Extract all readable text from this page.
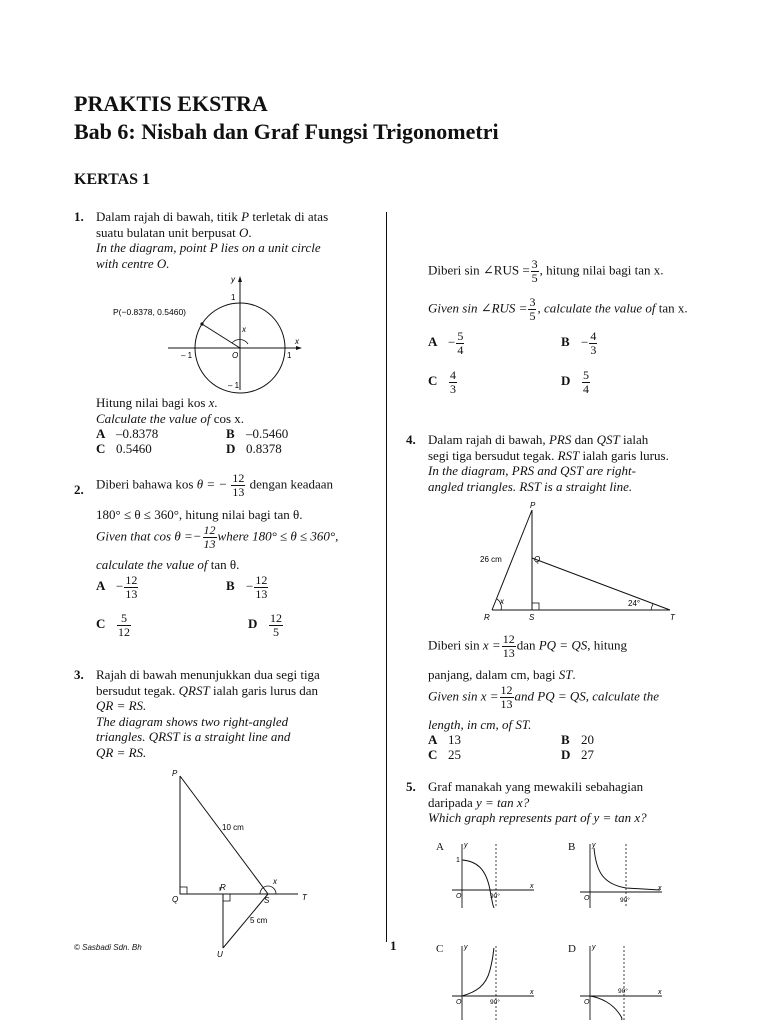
PRAKTIS EKSTRA
Bab 6: Nisbah dan Graf Fungsi Trigonometri
KERTAS 1
1. Dalam rajah di bawah, titik P terletak di atas
suatu bulatan unit berpusat O.
In the diagram, point P lies on a unit circle
with centre O.
P(−0.8378, 0.5460)
y
x
1
1
– 1	O
– 1
x
Hitung nilai bagi kos x.
Calculate the value of cos x.
A –0.8378	B –0.5460
C 0.5460	D 0.8378
2. Diberi bahawa kos θ = − $\frac{12}{13}$ dengan keadaan
180° ≤ θ ≤ 360°, hitung nilai bagi tan θ.
Given that $\cos \theta =- \frac{12}{13}$ where 180° ≤ θ ≤ 360°,
calculate the value of tan θ.
$A - \frac{12}{13}$	$B - \frac{12}{13}$
C $\frac{5}{12}$	D $\frac{12}{5}$
3. Rajah di bawah menunjukkan dua segi tiga
bersudut tegak. QRST ialah garis lurus dan
QR = RS.
The diagram shows two right-angled
triangles. QRST is a straight line and
QR = RS.
P
Q
R
S	T
U
x
10 cm
5 cm
Diberi sin ∠RUS = $\frac{3}{5}$ , hitung nilai bagi tan x.
Given sin ∠RUS = $\frac{3}{5}$ , calculate the value of tan x.
$A - \frac{5}{4}$	$B - \frac{4}{3}$
C $\frac{4}{3}$	D $\frac{5}{4}$
4. Dalam rajah di bawah, PRS dan QST ialah
segi tiga bersudut tegak. RST ialah garis lurus.
In the diagram, PRS and QST are right-
angled triangles. RST is a straight line.
P
Q
R	S	T
x
26 cm
24°
Diberi $\sin x = \frac{12}{13}$ dan PQ = QS, hitung
panjang, dalam cm, bagi ST.
Given $\sin x = \frac{12}{13}$ and PQ = QS, calculate the
length, in cm, of ST.
A 13	B 20
C 25	D 27
5. Graf manakah yang mewakili sebahagian
daripada y = tan x?
Which graph represents part of y = tan x?
A	y
x
O
1
90°
B y
x
O	90°
C	y
x
O	90°
D y
x
O
90°
© Sasbadi Sdn. Bh	1
